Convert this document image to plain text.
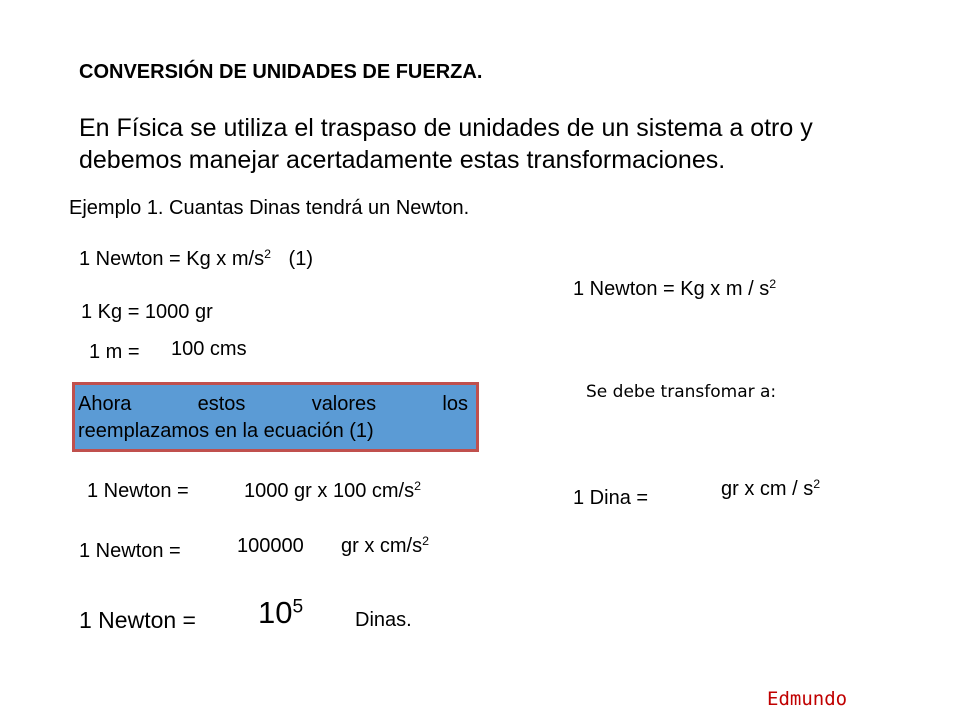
CONVERSIÓN DE UNIDADES DE FUERZA.
En Física se utiliza el traspaso de unidades de un sistema a otro y debemos manejar acertadamente estas transformaciones.
Ejemplo 1. Cuantas Dinas tendrá un Newton.
1 Newton = Kg x $m/s^2$ (1)
1 Kg = 1000 gr
1 m = 100 cms
Ahora	estos	valores	los
reemplazamos en la ecuación (1)
1 Newton =	1000 gr x 100 $cm/s^2$
1 Newton =	100000 gr x $cm/s^2$
1 Newton = $10^5$
Dinas.
1 Newton = Kg x m / $s^2$
Se debe transfomar a:
1 Dina =	gr x cm / $s^2$
Edmundo
